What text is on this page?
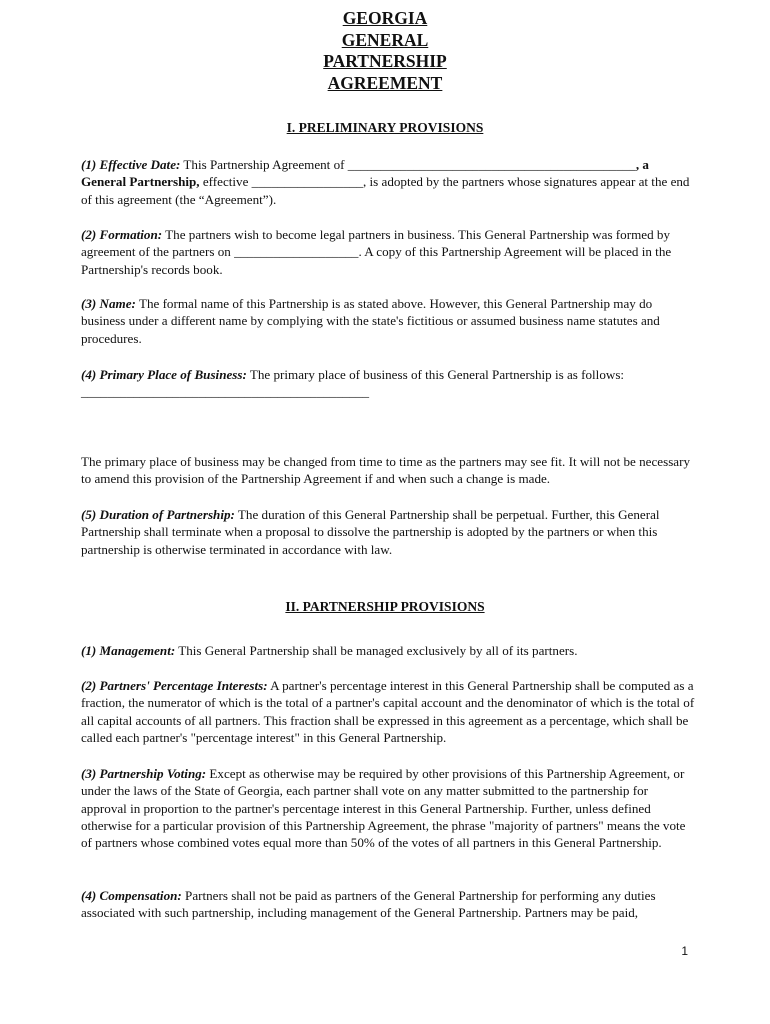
GEORGIA
GENERAL
PARTNERSHIP
AGREEMENT
I. PRELIMINARY PROVISIONS

(1) Effective Date: This Partnership Agreement of ____________________________________________, a General Partnership, effective _________________, is adopted by the partners whose signatures appear at the end of this agreement (the “Agreement”).

(2) Formation: The partners wish to become legal partners in business. This General Partnership was formed by agreement of the partners on ___________________. A copy of this Partnership Agreement will be placed in the Partnership's records book.

(3) Name: The formal name of this Partnership is as stated above. However, this General Partnership may do business under a different name by complying with the state's fictitious or assumed business name statutes and procedures.

(4) Primary Place of Business: The primary place of business of this General Partnership is as follows:
____________________________________________

The primary place of business may be changed from time to time as the partners may see fit. It will not be necessary to amend this provision of the Partnership Agreement if and when such a change is made.

(5) Duration of Partnership: The duration of this General Partnership shall be perpetual. Further, this General Partnership shall terminate when a proposal to dissolve the partnership is adopted by the partners or when this partnership is otherwise terminated in accordance with law.

II. PARTNERSHIP PROVISIONS

(1) Management: This General Partnership shall be managed exclusively by all of its partners.

(2) Partners' Percentage Interests: A partner's percentage interest in this General Partnership shall be computed as a fraction, the numerator of which is the total of a partner's capital account and the denominator of which is the total of all capital accounts of all partners. This fraction shall be expressed in this agreement as a percentage, which shall be called each partner's "percentage interest" in this General Partnership.

(3) Partnership Voting: Except as otherwise may be required by other provisions of this Partnership Agreement, or under the laws of the State of Georgia, each partner shall vote on any matter submitted to the partnership for approval in proportion to the partner's percentage interest in this General Partnership. Further, unless defined otherwise for a particular provision of this Partnership Agreement, the phrase "majority of partners" means the vote of partners whose combined votes equal more than 50% of the votes of all partners in this General Partnership.

(4) Compensation: Partners shall not be paid as partners of the General Partnership for performing any duties associated with such partnership, including management of the General Partnership. Partners may be paid,

1
